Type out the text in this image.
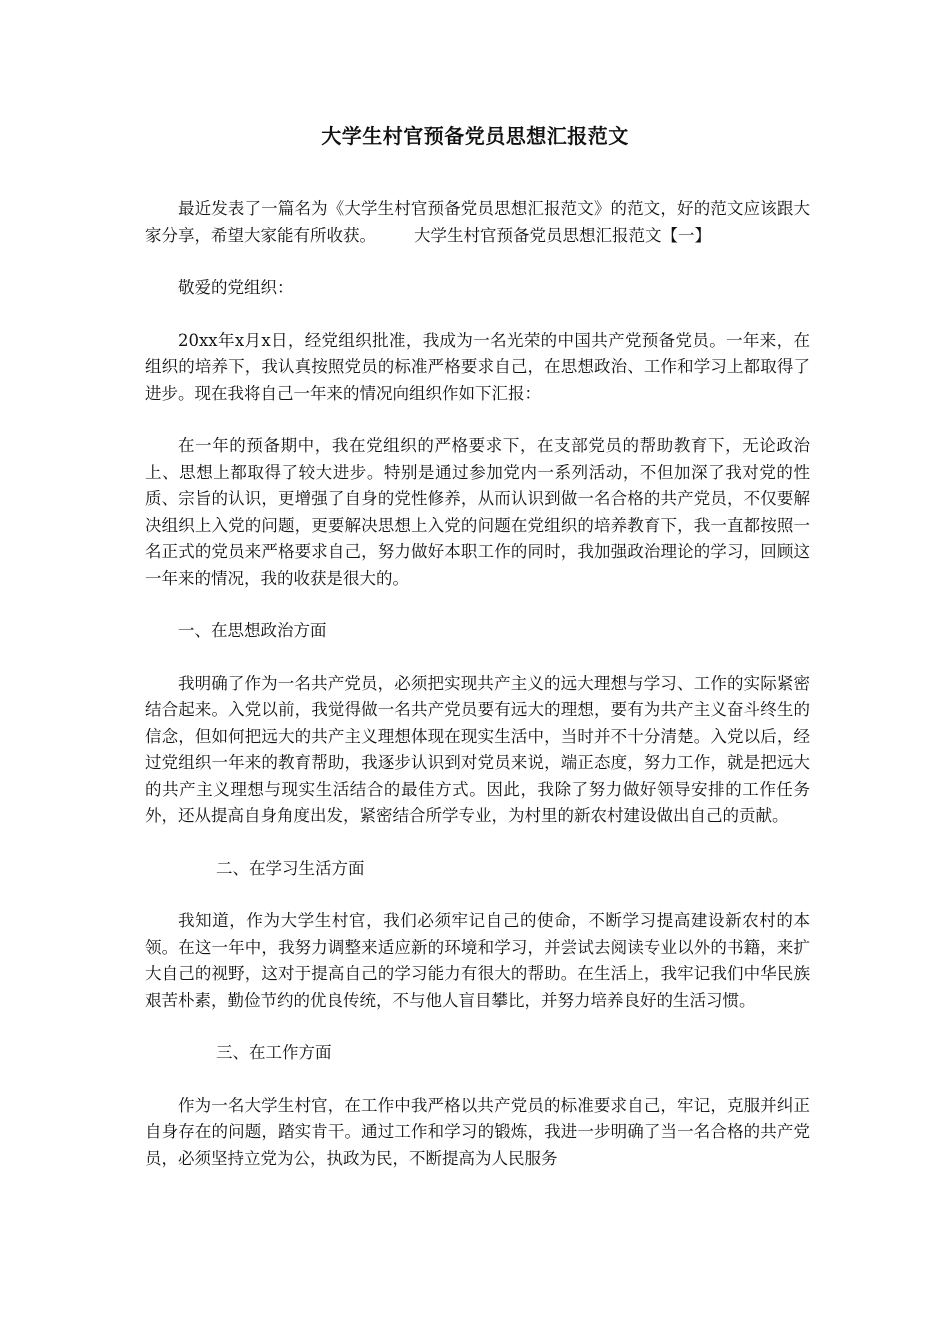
大学生村官预备党员思想汇报范文

最近发表了一篇名为《大学生村官预备党员思想汇报范文》的范文，好的范文应该跟大家分享，希望大家能有所收获。 大学生村官预备党员思想汇报范文【一】

敬爱的党组织：

20xx年x月x日，经党组织批准，我成为一名光荣的中国共产党预备党员。一年来，在组织的培养下，我认真按照党员的标准严格要求自己，在思想政治、工作和学习上都取得了进步。现在我将自己一年来的情况向组织作如下汇报：

在一年的预备期中，我在党组织的严格要求下，在支部党员的帮助教育下，无论政治上、思想上都取得了较大进步。特别是通过参加党内一系列活动，不但加深了我对党的性质、宗旨的认识，更增强了自身的党性修养，从而认识到做一名合格的共产党员，不仅要解决组织上入党的问题，更要解决思想上入党的问题在党组织的培养教育下，我一直都按照一名正式的党员来严格要求自己，努力做好本职工作的同时，我加强政治理论的学习，回顾这一年来的情况，我的收获是很大的。

一、在思想政治方面

我明确了作为一名共产党员，必须把实现共产主义的远大理想与学习、工作的实际紧密结合起来。入党以前，我觉得做一名共产党员要有远大的理想，要有为共产主义奋斗终生的信念，但如何把远大的共产主义理想体现在现实生活中，当时并不十分清楚。入党以后，经过党组织一年来的教育帮助，我逐步认识到对党员来说，端正态度，努力工作，就是把远大的共产主义理想与现实生活结合的最佳方式。因此，我除了努力做好领导安排的工作任务外，还从提高自身角度出发，紧密结合所学专业，为村里的新农村建设做出自己的贡献。

二、在学习生活方面

我知道，作为大学生村官，我们必须牢记自己的使命，不断学习提高建设新农村的本领。在这一年中，我努力调整来适应新的环境和学习，并尝试去阅读专业以外的书籍，来扩大自己的视野，这对于提高自己的学习能力有很大的帮助。在生活上，我牢记我们中华民族艰苦朴素，勤俭节约的优良传统，不与他人盲目攀比，并努力培养良好的生活习惯。

三、在工作方面

作为一名大学生村官，在工作中我严格以共产党员的标准要求自己，牢记，克服并纠正自身存在的问题，踏实肯干。通过工作和学习的锻炼，我进一步明确了当一名合格的共产党员，必须坚持立党为公，执政为民，不断提高为人民服务
